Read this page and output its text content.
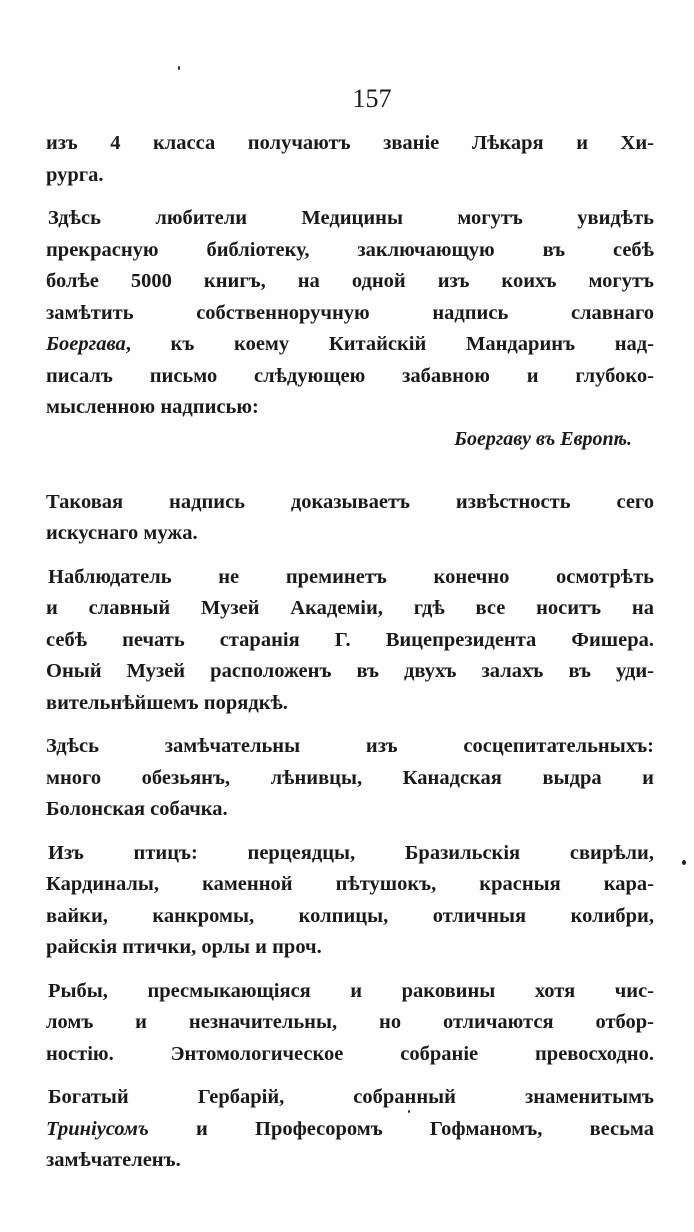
157

изъ 4 класса получаютъ званіе Лѣкаря и Хи-
рурга.

Здѣсь любители Медицины могутъ увидѣть
прекрасную библіотеку, заключающую въ себѣ
болѣе 5000 книгъ, на одной изъ коихъ могутъ
замѣтить собственноручную надпись славнаго
Боергава, къ коему Китайскій Мандаринъ над-
писалъ письмо слѣдующею забавною и глубоко-
мысленною надписью:

Боергаву въ Европѣ.

Таковая надпись доказываетъ извѣстность сего
искуснаго мужа.

Наблюдатель не преминетъ конечно осмотрѣть
и славный Музей Академіи, гдѣ все носитъ на
себѣ печать старанія Г. Вицепрезидента Фишера.
Оный Музей расположенъ въ двухъ залахъ въ уди-
вительнѣйшемъ порядкѣ.

Здѣсь замѣчательны изъ сосцепитательныхъ:
много обезьянъ, лѣнивцы, Канадская выдра и
Болонская собачка.

Изъ птицъ: перцеядцы, Бразильскія свирѣли,
Кардиналы, каменной пѣтушокъ, красныя кара-
вайки, канкромы, колпицы, отличныя колибри,
райскія птички, орлы и проч.

Рыбы, пресмыкающіяся и раковины хотя чис-
ломъ и незначительны, но отличаются отбор-
ностію. Энтомологическое собраніе превосходно.

Богатый Гербарій, собранный знаменитымъ
Триніусомъ и Професоромъ Гофманомъ, весьма
замѣчателенъ.
